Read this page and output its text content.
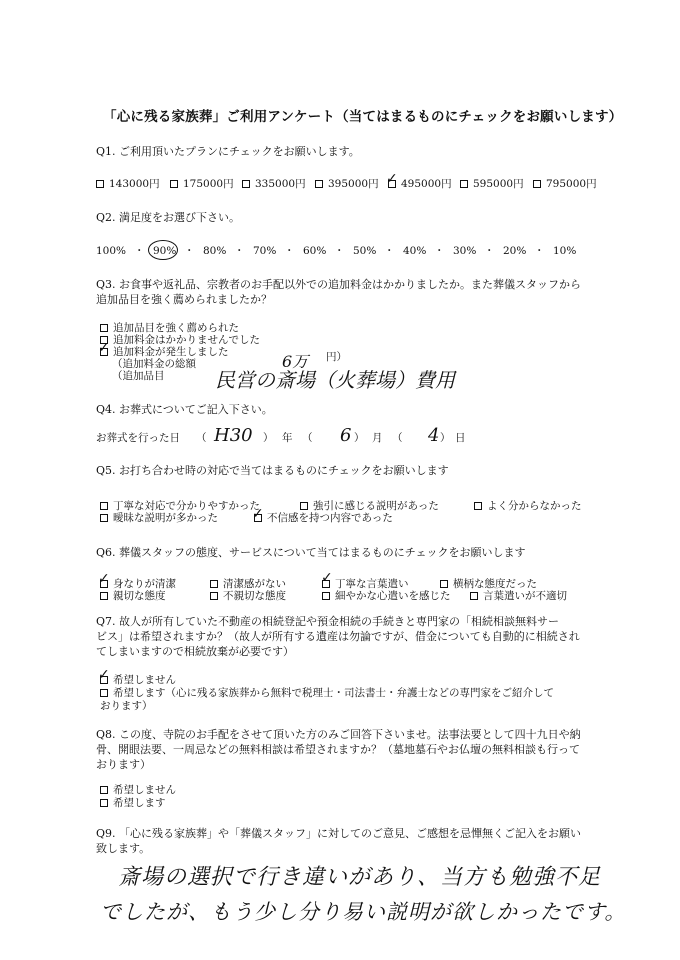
「心に残る家族葬」ご利用アンケート（当てはまるものにチェックをお願いします）
Q1. ご利用頂いたプランにチェックをお願いします。
143000円	175000円	335000円	395000円	495000円
✓	595000円	795000円
Q2. 満足度をお選び下さい。
100% ・ 90% ・ 80% ・ 70% ・ 60% ・ 50% ・ 40% ・ 30% ・ 20% ・ 10%
Q3. お食事や返礼品、宗教者のお手配以外での追加料金はかかりましたか。また葬儀スタッフから
追加品目を強く薦められましたか？
追加品目を強く薦められた
追加料金はかかりませんでした
追加料金が発生しました
✓
（追加料金の総額	6万 円）
（追加品目	民営の斎場（火葬場）費用
Q4. お葬式についてご記入下さい。
お葬式を行った日 （ H30 ） 年 （ 6 ） 月 （ 4 ） 日
Q5. お打ち合わせ時の対応で当てはまるものにチェックをお願いします
丁寧な対応で分かりやすかった	強引に感じる説明があった	よく分からなかった
曖昧な説明が多かった	不信感を持つ内容であった
✓
Q6. 葬儀スタッフの態度、サービスについて当てはまるものにチェックをお願いします
身なりが清潔
✓	清潔感がない	丁寧な言葉遣い
✓	横柄な態度だった
親切な態度	不親切な態度	細やかな心遣いを感じた	言葉遣いが不適切
Q7. 故人が所有していた不動産の相続登記や預金相続の手続きと専門家の「相続相談無料サー
ビス」は希望されますか？（故人が所有する遺産は勿論ですが、借金についても自動的に相続され
てしまいますので相続放棄が必要です）
希望しません
✓
希望します（心に残る家族葬から無料で税理士・司法書士・弁護士などの専門家をご紹介して
おります）
Q8. この度、寺院のお手配をさせて頂いた方のみご回答下さいませ。法事法要として四十九日や納
骨、開眼法要、一周忌などの無料相談は希望されますか？（墓地墓石やお仏壇の無料相談も行って
おります）
希望しません
希望します
Q9. 「心に残る家族葬」や「葬儀スタッフ」に対してのご意見、ご感想を忌憚無くご記入をお願い
致します。
斎場の選択で行き違いがあり、当方も勉強不足
でしたが、もう少し分り易い説明が欲しかったです。
